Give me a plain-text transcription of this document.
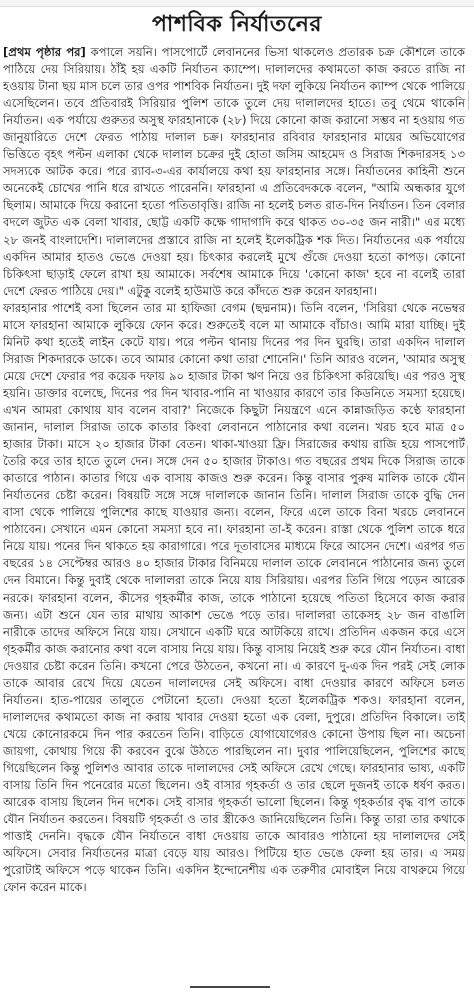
পাশবিক নির্যাতনের

[প্রথম পৃষ্ঠার পর] কপালে সয়নি। পাসপোর্টে লেবাননের ভিসা থাকলেও প্রতারক চক্র কৌশলে তাকে পাঠিয়ে দেয় সিরিয়ায়। ঠাঁই হয় একটি নির্যাতন ক্যাম্পে। দালালদের কথামতো কাজ করতে রাজি না হওয়ায় টানা ছয় মাস চলে তার ওপর পাশবিক নির্যাতন। দুই দফা লুকিয়ে নির্যাতন ক্যাম্প থেকে পালিয়ে এসেছিলেন। তবে প্রতিবারই সিরিয়ার পুলিশ তাকে তুলে দেয় দালালদের হাতে। তবু থেমে থাকেনি নির্যাতন। এক পর্যায়ে গুরুতর অসুস্থ ফারহানাকে (২৮) দিয়ে কোনো কাজ করানো সম্ভব না হওয়ায় গত জানুয়ারিতে দেশে ফেরত পাঠায় দালাল চক্র। ফারহানার রবিবার ফারহানার মায়ের অভিযোগের ভিত্তিতে বৃহৎ পল্টন এলাকা থেকে দালাল চক্রের দুই হোতা জসিম আহমেদ ও সিরাজ শিকদারসহ ১৩ সদস্যকে আটক করে। পরে র‌্যাব-৩-এর কার্যালয়ে কথা হয় ফারহানার সঙ্গে। নির্যাতনের কাহিনী শুনে অনেকেই চোখের পানি ধরে রাখতে পারেননি। ফারহানা এ প্রতিবেদককে বলেন, "আমি অন্ধকার যুগে ছিলাম। আমাকে দিয়ে করানো হতো পতিতাবৃত্তি। রাজি না হলেই চলত রাত-দিন নির্যাতন। তিন বেলার বদলে জুটত এক বেলা খাবার, ছোট্ট একটি কক্ষে গাদাগাদি করে থাকত ৩০-৩৫ জন নারী।" এর মধ্যে ২৮ জনই বাংলাদেশি। দালালদের প্রস্তাবে রাজি না হলেই ইলেকট্রিক শক দিত। নির্যাতনের এক পর্যায়ে একদিন আমার হাতও ভেঙে দেওয়া হয়। চিৎকার করলেই মুখে গুঁজে দেওয়া হতো কাপড়। কোনো চিকিৎসা ছাড়াই ফেলে রাখা হয় আমাকে। সর্বশেষ আমাকে দিয়ে 'কোনো কাজ' হবে না বলেই তারা দেশে ফেরত পাঠিয়ে দেয়।" এটুকু বলেই হাউমাউ করে কাঁদতে শুরু করেন ফারহানা।

ফারহানার পাশেই বসা ছিলেন তার মা হাফিজা বেগম (ছদ্মনাম)। তিনি বলেন, 'সিরিয়া থেকে নভেম্বর মাসে ফারহানা আমাকে লুকিয়ে ফোন করে। শুরুতেই বলে মা আমাকে বাঁচাও। আমি মারা যাচ্ছি। দুই মিনিট কথা হতেই লাইন কেটে যায়। পরে পল্টন থানায় দিনের পর দিন ঘুরছি। তারা একদিন দালাল সিরাজ শিকদারকে ডাকে। তবে আমার কোনো কথা তারা শোনেনি।' তিনি আরও বলেন, 'আমার অসুস্থ মেয়ে দেশে ফেরার পর কয়েক দফায় ৯০ হাজার টাকা ঋণ নিয়ে ওর চিকিৎসা করিয়েছি। এর পরও সুস্থ হয়নি। ডাক্তার বলেছে, দিনের পর দিন খাবার-পানি না খাওয়ার কারণে তার কিডনিতে সমস্যা হয়েছে। এখন আমরা কোথায় যাব বলেন বাবা?' নিজেকে কিছুটা নিয়ন্ত্রণে এনে কান্নাজড়িত কণ্ঠে ফারহানা জানান, দালাল সিরাজ তাকে কাতার কিংবা লেবাননে পাঠানোর কথা বলেন। খরচ হবে মাত্র ৫০ হাজার টাকা। মাসে ২০ হাজার টাকা বেতন। থাকা-খাওয়া ফ্রি। সিরাজের কথায় রাজি হয়ে পাসপোর্ট তৈরি করে তার হাতে তুলে দেন। সঙ্গে দেন ৫০ হাজার টাকাও। গত বছরের প্রথম দিকে সিরাজ তাকে কাতারে পাঠান। কাতার গিয়ে এক বাসায় কাজও শুরু করেন। কিন্তু বাসার পুরুষ মালিক তাকে যৌন নির্যাতনের চেষ্টা করেন। বিষয়টি সঙ্গে সঙ্গে দালালকে জানান তিনি। দালাল সিরাজ তাকে বুদ্ধি দেন বাসা থেকে পালিয়ে পুলিশের কাছে যাওয়ার জন্য। বলেন, ফিরে এলে তাকে বিনা খরচে লেবাননে পাঠাবেন। সেখানে এমন কোনো সমস্যা হবে না। ফারহানা তা-ই করেন। রাস্তা থেকে পুলিশ তাকে ধরে নিয়ে যায়। পনের দিন থাকতে হয় কারাগারে। পরে দূতাবাসের মাধ্যমে ফিরে আসেন দেশে। এরপর গত বছরের ১৪ সেপ্টেম্বর আরও ৪০ হাজার টাকার বিনিময়ে দালাল তাকে লেবাননে পাঠানোর জন্য তুলে দেন বিমানে। কিন্তু দুবাই থেকে দালালরা তাকে নিয়ে যায় সিরিয়ায়। এরপর তিনি গিয়ে পড়েন আরেক নরকে। ফারহানা বলেন, কীসের গৃহকর্মীর কাজ, তাকে পাঠানো হয়েছে পতিতা হিসেবে কাজ করার জন্য। এটা শুনে যেন তার মাথায় আকাশ ভেঙে পড়ে তার। দালালরা তাকেসহ ২৮ জন বাঙালি নারীকে তাদের অফিসে নিয়ে যায়। সেখানে একটি ঘরে আটকিয়ে রাখে। প্রতিদিন একজন করে এসে গৃহকর্মীর কাজ করানোর কথা বলে বাসায় নিয়ে যায়। কিন্তু বাসায় নিয়েই শুরু করে যৌন নির্যাতন। বাধা দেওয়ার চেষ্টা করেন তিনি। কখনো পেরে উঠতেন, কখনো না। এ কারণে দু-এক দিন পরই সেই লোক তাকে আবার রেখে দিয়ে যেতেন দালালদের সেই অফিসে। বাধা দেওয়ার কারণে অফিসে চলত নির্যাতন। হাত-পায়ের তালুতে পেটানো হতো। দেওয়া হতো ইলেকট্রিক শকও। ফারহানা বলেন, দালালদের কথামতো কাজ না করায় খাবার দেওয়া হতো এক বেলা, দুপুরে। প্রতিদিন বিকালে। তাই খেয়ে কোনোরকমে দিন পার করতেন তিনি। বাড়িতে যোগাযোগেরও কোনো উপায় ছিল না। অচেনা জায়গা, কোথায় গিয়ে কী করবেন বুঝে উঠতে পারছিলেন না। দুবার পালিয়েছিলেন, পুলিশের কাছে গিয়েছিলেন কিন্তু পুলিশও আবার তাকে দালালদের সেই অফিসে রেখে গেছে। ফারহানার ভাষ্য, একটি বাসায় তিনি দিন পনেরোর মতো ছিলেন। ওই বাসার গৃহকর্তা ও তার ছেলে দুজনই তাকে ধর্ষণ করত। আরেক বাসায় ছিলেন দিন দশেক। সেই বাসার গৃহকর্তা ভালো ছিলেন। কিন্তু গৃহকর্তার বৃদ্ধ বাপ তাকে যৌন নির্যাতন করতেন। বিষয়টি গৃহকর্তা ও তার স্ত্রীকেও জানিয়েছিলেন তিনি। কিন্তু তারা তার কথাকে পাত্তাই দেননি। বৃদ্ধকে যৌন নির্যাতনে বাধা দেওয়ায় তাকে আবারও পাঠানো হয় দালালদের সেই অফিসে। সেবার নির্যাতনের মাত্রা বেড়ে যায় আরও। পিটিয়ে হাত ভেঙে ফেলা হয় তার। এ সময় পুরোটাই অফিসে পড়ে থাকেন তিনি। একদিন ইন্দোনেশীয় এক তরুণীর মোবাইল নিয়ে বাথরুমে গিয়ে ফোন করেন মাকে।
